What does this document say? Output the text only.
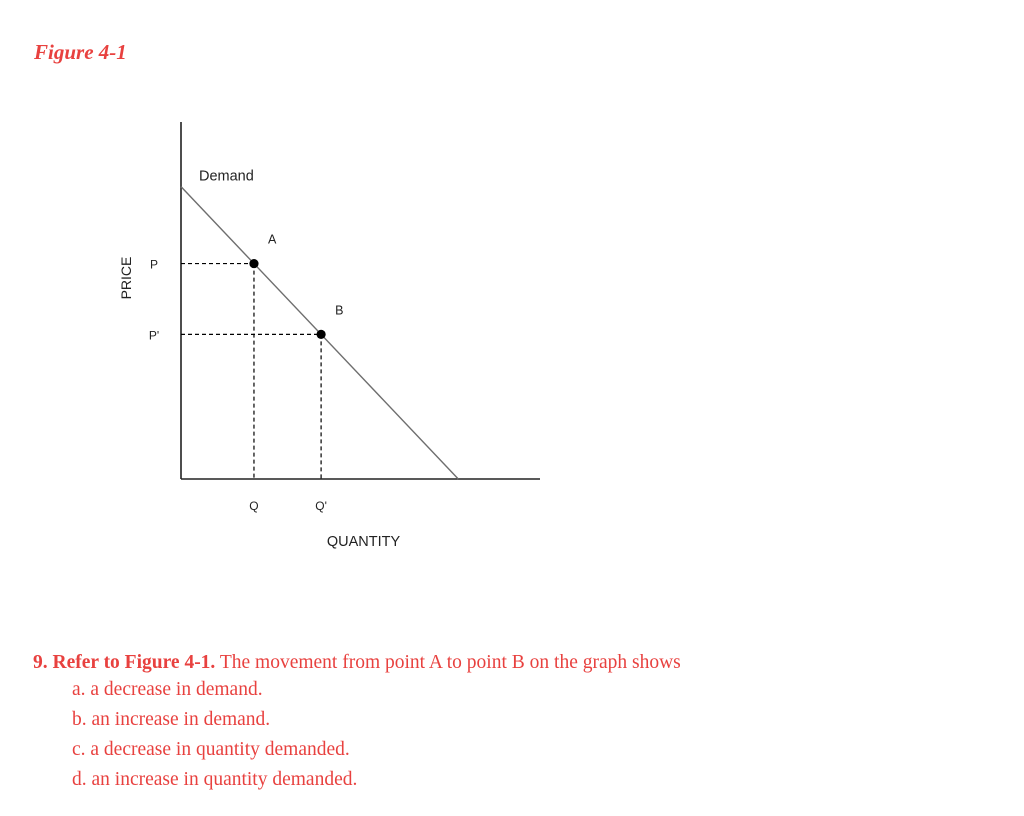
Figure 4-1
Demand
A
B
Q	Q'
P
P'
QUANTITY
PRICE
9. Refer to Figure 4-1. The movement from point A to point B on the graph shows
a. a decrease in demand.
b. an increase in demand.
c. a decrease in quantity demanded.
d. an increase in quantity demanded.
